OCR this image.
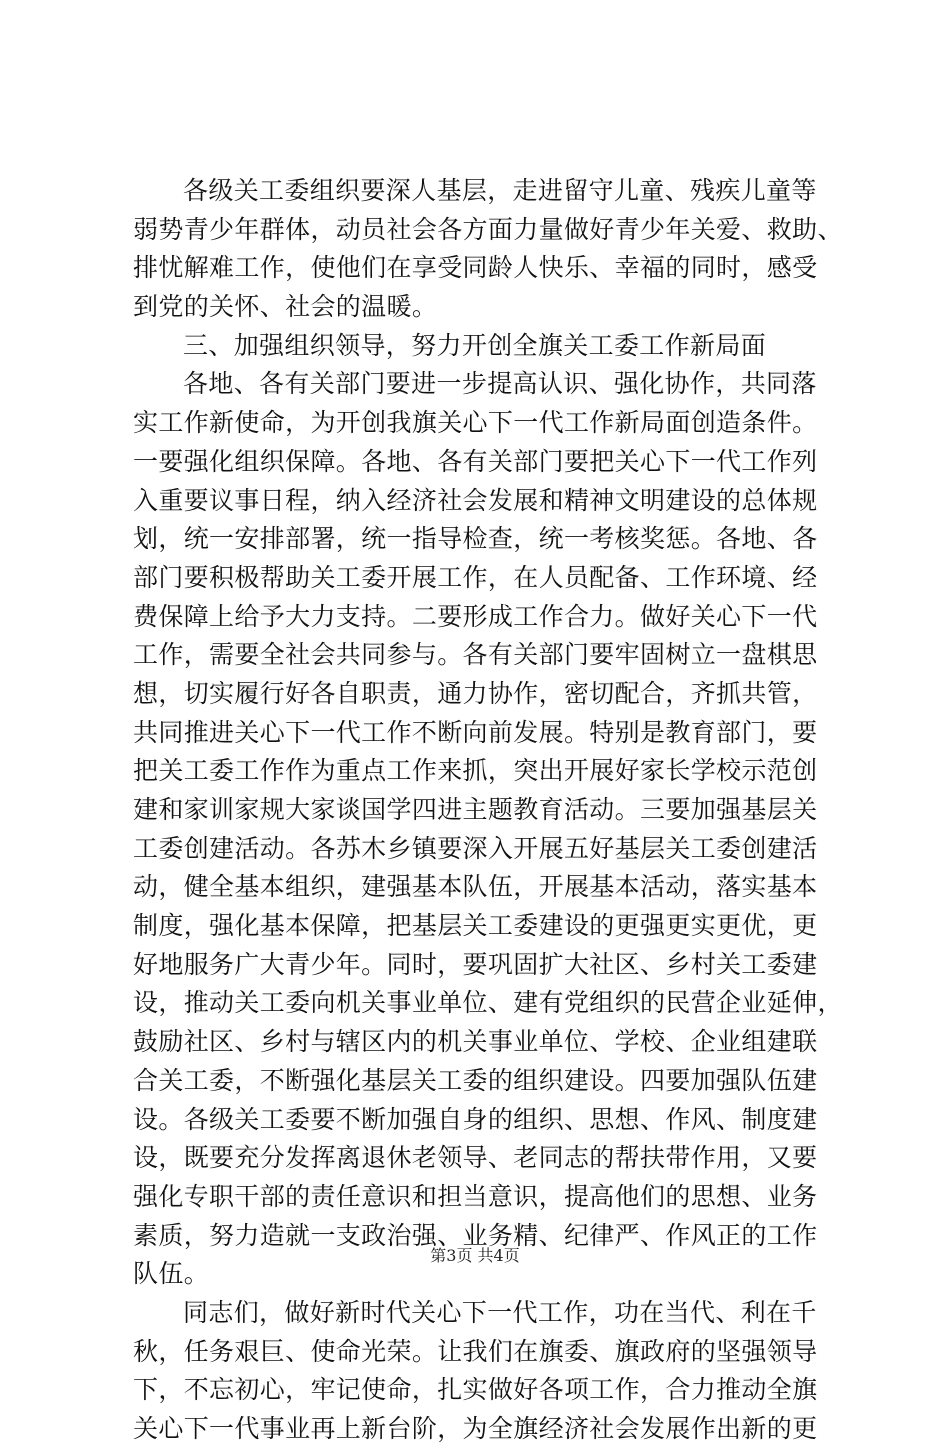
各级关工委组织要深人基层，走进留守儿童、残疾儿童等
弱势青少年群体，动员社会各方面力量做好青少年关爱、救助、
排忧解难工作，使他们在享受同龄人快乐、幸福的同时，感受
到党的关怀、社会的温暖。
三、加强组织领导，努力开创全旗关工委工作新局面
各地、各有关部门要进一步提高认识、强化协作，共同落
实工作新使命，为开创我旗关心下一代工作新局面创造条件。
一要强化组织保障。各地、各有关部门要把关心下一代工作列
入重要议事日程，纳入经济社会发展和精神文明建设的总体规
划，统一安排部署，统一指导检查，统一考核奖惩。各地、各
部门要积极帮助关工委开展工作，在人员配备、工作环境、经
费保障上给予大力支持。二要形成工作合力。做好关心下一代
工作，需要全社会共同参与。各有关部门要牢固树立一盘棋思
想，切实履行好各自职责，通力协作，密切配合，齐抓共管，
共同推进关心下一代工作不断向前发展。特别是教育部门，要
把关工委工作作为重点工作来抓，突出开展好家长学校示范创
建和家训家规大家谈国学四进主题教育活动。三要加强基层关
工委创建活动。各苏木乡镇要深入开展五好基层关工委创建活
动，健全基本组织，建强基本队伍，开展基本活动，落实基本
制度，强化基本保障，把基层关工委建设的更强更实更优，更
好地服务广大青少年。同时，要巩固扩大社区、乡村关工委建
设，推动关工委向机关事业单位、建有党组织的民营企业延伸，
鼓励社区、乡村与辖区内的机关事业单位、学校、企业组建联
合关工委，不断强化基层关工委的组织建设。四要加强队伍建
设。各级关工委要不断加强自身的组织、思想、作风、制度建
设，既要充分发挥离退休老领导、老同志的帮扶带作用，又要
强化专职干部的责任意识和担当意识，提高他们的思想、业务
素质，努力造就一支政治强、业务精、纪律严、作风正的工作
队伍。
同志们，做好新时代关心下一代工作，功在当代、利在千
秋，任务艰巨、使命光荣。让我们在旗委、旗政府的坚强领导
下，不忘初心，牢记使命，扎实做好各项工作，合力推动全旗
关心下一代事业再上新台阶，为全旗经济社会发展作出新的更
第3页 共4页
